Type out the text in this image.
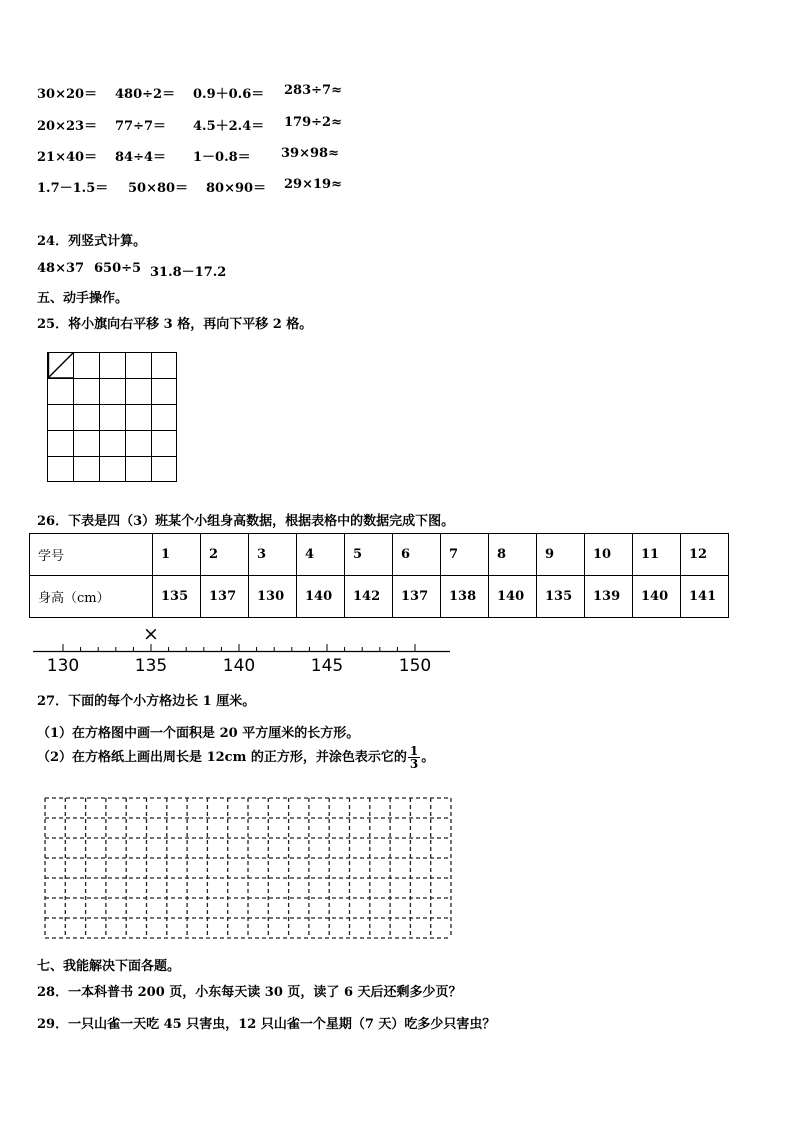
30×20＝ 480÷2＝ 0.9＋0.6＝ 283÷7≈
20×23＝ 77÷7＝ 4.5＋2.4＝ 179÷2≈
21×40＝ 84÷4＝ 1－0.8＝ 39×98≈
1.7－1.5＝ 50×80＝ 80×90＝ 29×19≈
24．列竖式计算。
48×37 650÷5 31.8－17.2
五、动手操作。
25．将小旗向右平移 3 格，再向下平移 2 格。
26．下表是四（3）班某个小组身高数据，根据表格中的数据完成下图。
学号	1	2	3	4	5	6	7	8	9	10	11	12
身高（cm）	135	137	130	140	142	137	138	140	135	139	140	141
130	135	140	145	150
×
27．下面的每个小方格边长 1 厘米。
（1）在方格图中画一个面积是 20 平方厘米的长方形。
（2）在方格纸上画出周长是 12cm 的正方形，并涂色表示它的 $\frac{1}{3}$ 。
七、我能解决下面各题。
28．一本科普书 200 页，小东每天读 30 页，读了 6 天后还剩多少页？
29．一只山雀一天吃 45 只害虫，12 只山雀一个星期（7 天）吃多少只害虫？
